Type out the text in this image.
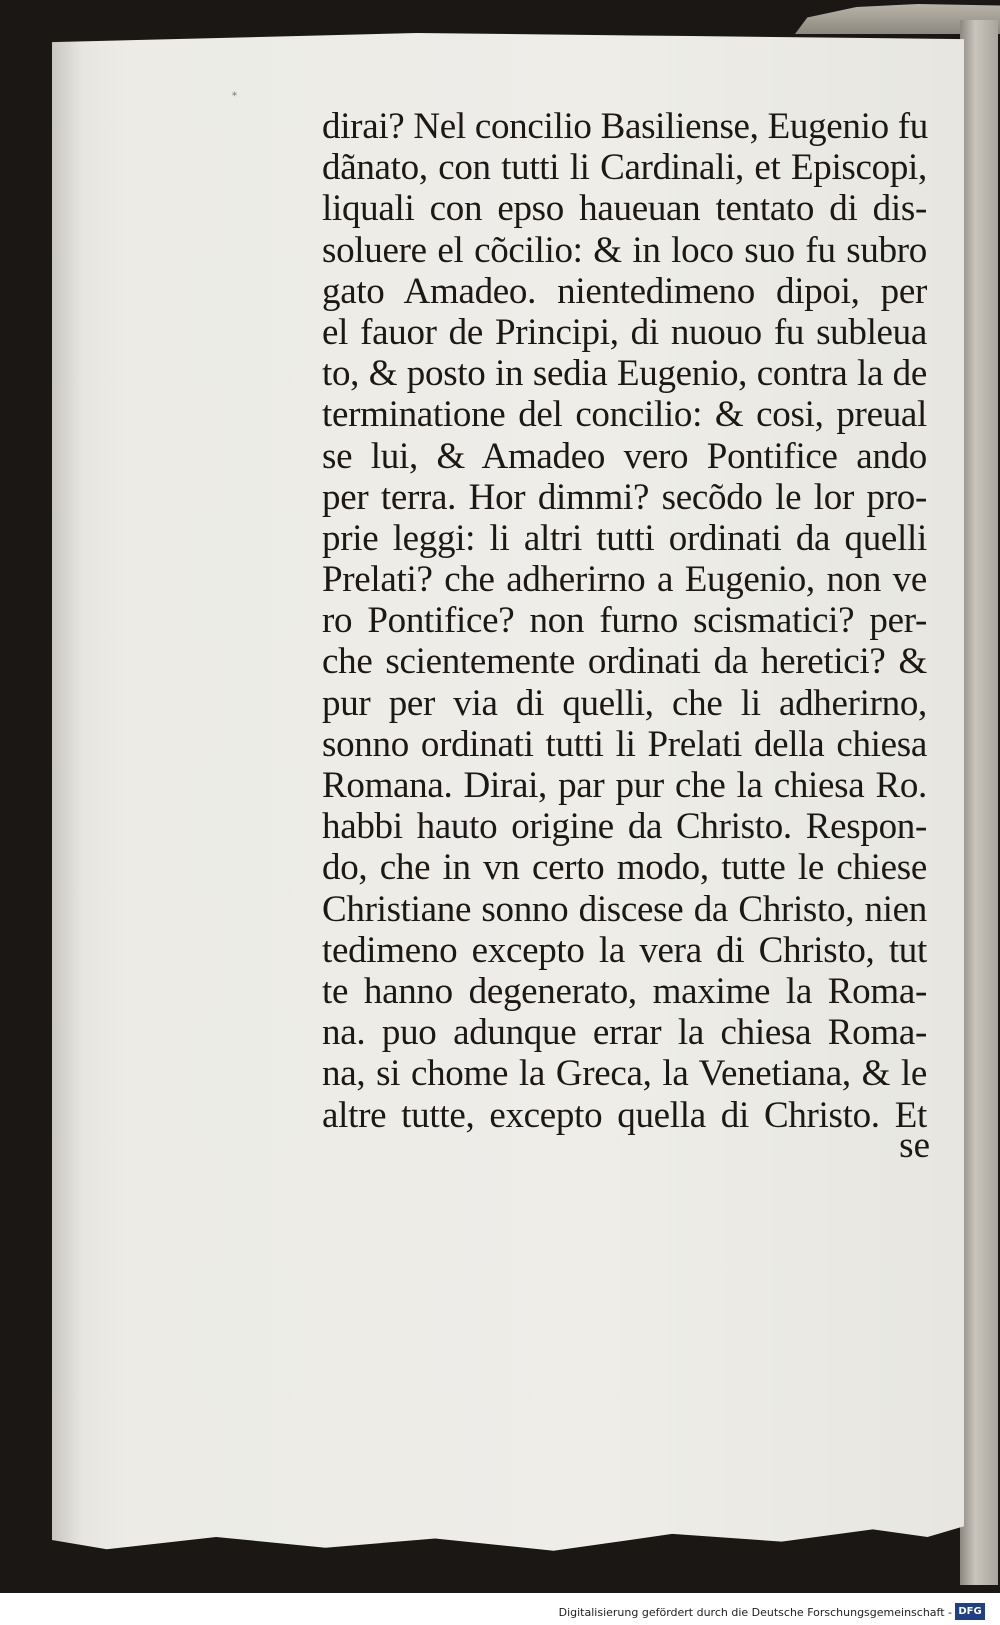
*
dirai? Nel concilio Basiliense, Eugenio fu
dãnato, con tutti li Cardinali, et Episcopi,
liquali con epso haueuan tentato di dis-
soluere el cõcilio: & in loco suo fu subro
gato Amadeo. nientedimeno dipoi, per
el fauor de Principi, di nuouo fu subleua
to, & posto in sedia Eugenio, contra la de
terminatione del concilio: & cosi, preual
se lui, & Amadeo vero Pontifice ando
per terra. Hor dimmi? secõdo le lor pro-
prie leggi: li altri tutti ordinati da quelli
Prelati? che adherirno a Eugenio, non ve
ro Pontifice? non furno scismatici? per-
che scientemente ordinati da heretici? &
pur per via di quelli, che li adherirno,
sonno ordinati tutti li Prelati della chiesa
Romana. Dirai, par pur che la chiesa Ro.
habbi hauto origine da Christo. Respon-
do, che in vn certo modo, tutte le chiese
Christiane sonno discese da Christo, nien
tedimeno excepto la vera di Christo, tut
te hanno degenerato, maxime la Roma-
na. puo adunque errar la chiesa Roma-
na, si chome la Greca, la Venetiana, & le
altre tutte, excepto quella di Christo. Et
se
Digitalisierung gefördert durch die Deutsche Forschungsgemeinschaft - DFG
